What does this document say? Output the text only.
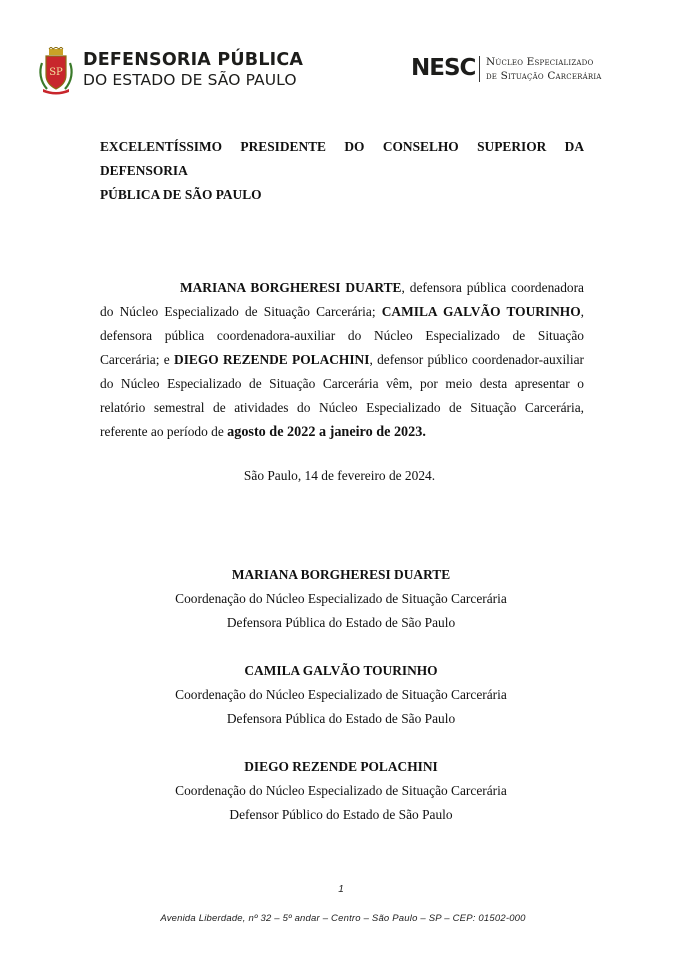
SP
DEFENSORIA PÚBLICA
DO ESTADO DE SÃO PAULO	NESC Núcleo Especializado
de Situação Carcerária
EXCELENTÍSSIMO PRESIDENTE DO CONSELHO SUPERIOR DA DEFENSORIA
PÚBLICA DE SÃO PAULO
MARIANA BORGHERESI DUARTE, defensora pública coordenadora
do Núcleo Especializado de Situação Carcerária; CAMILA GALVÃO TOURINHO,
defensora pública coordenadora-auxiliar do Núcleo Especializado de Situação
Carcerária; e DIEGO REZENDE POLACHINI, defensor público coordenador-auxiliar
do Núcleo Especializado de Situação Carcerária vêm, por meio desta apresentar o
relatório semestral de atividades do Núcleo Especializado de Situação Carcerária,
referente ao período de agosto de 2022 a janeiro de 2023.
São Paulo, 14 de fevereiro de 2024.
MARIANA BORGHERESI DUARTE
Coordenação do Núcleo Especializado de Situação Carcerária
Defensora Pública do Estado de São Paulo
CAMILA GALVÃO TOURINHO
Coordenação do Núcleo Especializado de Situação Carcerária
Defensora Pública do Estado de São Paulo
DIEGO REZENDE POLACHINI
Coordenação do Núcleo Especializado de Situação Carcerária
Defensor Público do Estado de São Paulo
1
Avenida Liberdade, nº 32 – 5º andar – Centro – São Paulo – SP – CEP: 01502-000
